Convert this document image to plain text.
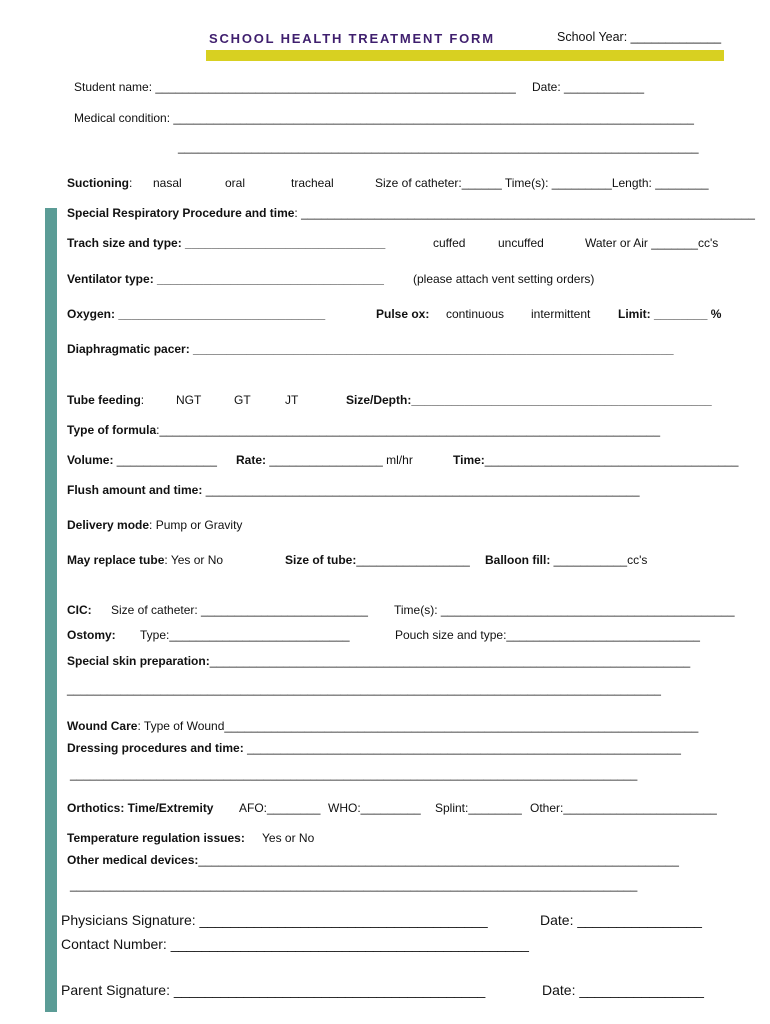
SCHOOL HEALTH TREATMENT FORM	School Year: _____________
Student name: ______________________________________________________ Date: ____________
Medical condition: ______________________________________________________________________________
______________________________________________________________________________
Suctioning: nasal	oral	tracheal	Size of catheter:______ Time(s): _________Length: ________
Special Respiratory Procedure and time: ____________________________________________________________________
Trach size and type: ______________________________	cuffed	uncuffed	Water or Air _______cc's
Ventilator type: __________________________________ (please attach vent setting orders)
Oxygen: _______________________________	Pulse ox: continuous intermittent Limit: ________ %
Diaphragmatic pacer: ________________________________________________________________________
Tube feeding:	NGT	GT	JT	Size/Depth:_____________________________________________
Type of formula:___________________________________________________________________________
Volume: _______________ Rate: _________________ ml/hr	Time:______________________________________
Flush amount and time: _________________________________________________________________
Delivery mode: Pump or Gravity
May replace tube: Yes or No	Size of tube:_________________ Balloon fill: ___________cc's
CIC: Size of catheter: _________________________ Time(s): ____________________________________________
Ostomy: Type:___________________________	Pouch size and type:_____________________________
Special skin preparation:________________________________________________________________________
_________________________________________________________________________________________
Wound Care: Type of Wound_______________________________________________________________________
Dressing procedures and time: _________________________________________________________________
_____________________________________________________________________________________
Orthotics: Time/Extremity AFO:________ WHO:_________ Splint:________ Other:_______________________
Temperature regulation issues: Yes or No
Other medical devices:________________________________________________________________________
_____________________________________________________________________________________
Physicians Signature: _____________________________________	Date: ________________
Contact Number: ______________________________________________
Parent Signature: ________________________________________	Date: ________________
